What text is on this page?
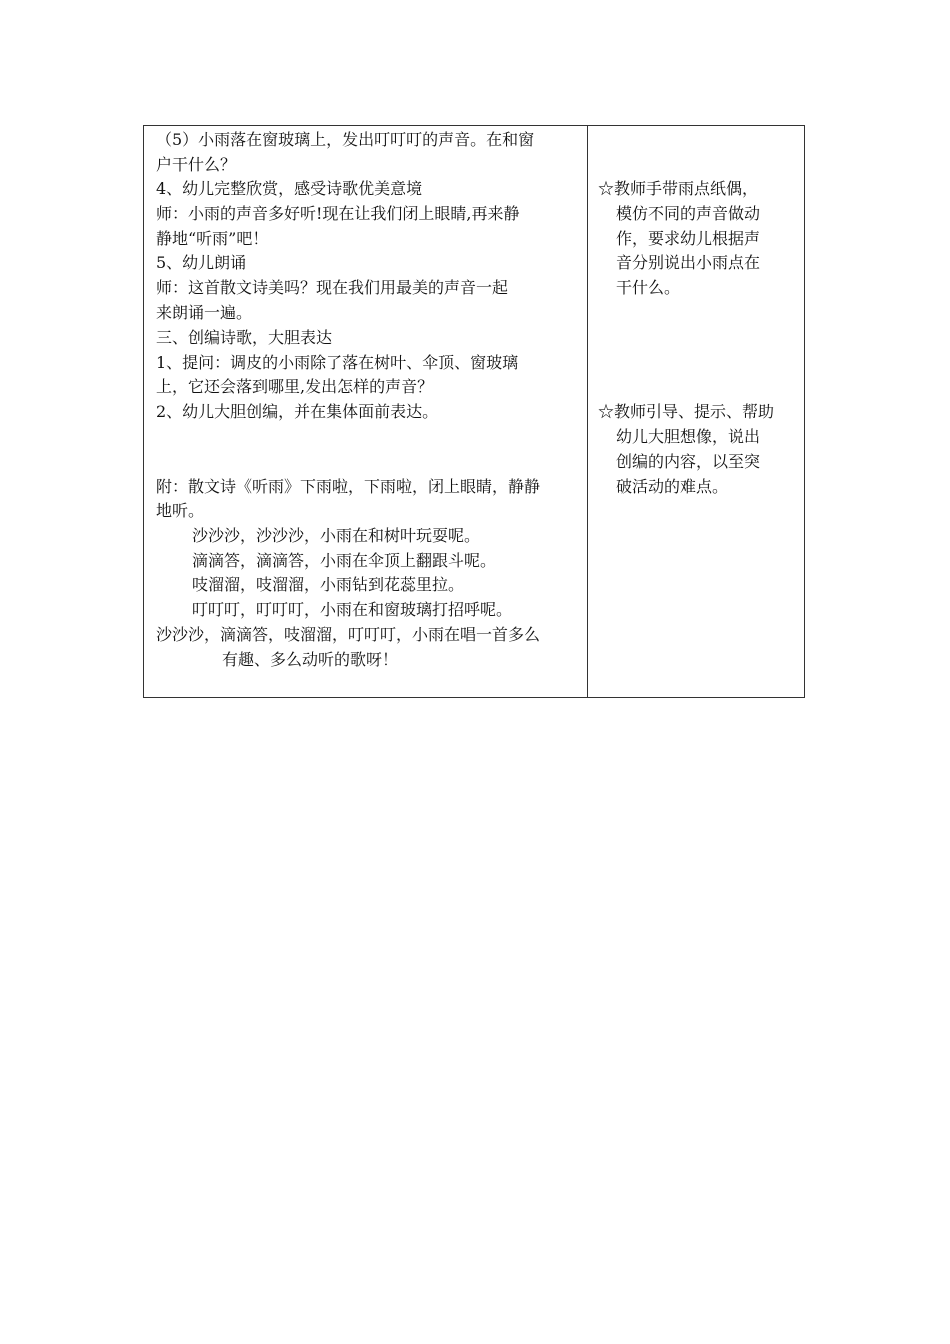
（5）小雨落在窗玻璃上，发出叮叮叮的声音。在和窗
户干什么？
4、幼儿完整欣赏，感受诗歌优美意境
师：小雨的声音多好听!现在让我们闭上眼睛,再来静
静地“听雨”吧！
5、幼儿朗诵
师：这首散文诗美吗？现在我们用最美的声音一起
来朗诵一遍。
三、创编诗歌，大胆表达
1、提问：调皮的小雨除了落在树叶、伞顶、窗玻璃
上，它还会落到哪里,发出怎样的声音？
2、幼儿大胆创编，并在集体面前表达。
附：散文诗《听雨》下雨啦，下雨啦，闭上眼睛，静静
地听。
沙沙沙，沙沙沙，小雨在和树叶玩耍呢。
滴滴答，滴滴答，小雨在伞顶上翻跟斗呢。
吱溜溜，吱溜溜，小雨钻到花蕊里拉。
叮叮叮，叮叮叮，小雨在和窗玻璃打招呼呢。
沙沙沙，滴滴答，吱溜溜，叮叮叮，小雨在唱一首多么
有趣、多么动听的歌呀！
☆教师手带雨点纸偶，
模仿不同的声音做动
作，要求幼儿根据声
音分别说出小雨点在
干什么。
☆教师引导、提示、帮助
幼儿大胆想像，说出
创编的内容，以至突
破活动的难点。
